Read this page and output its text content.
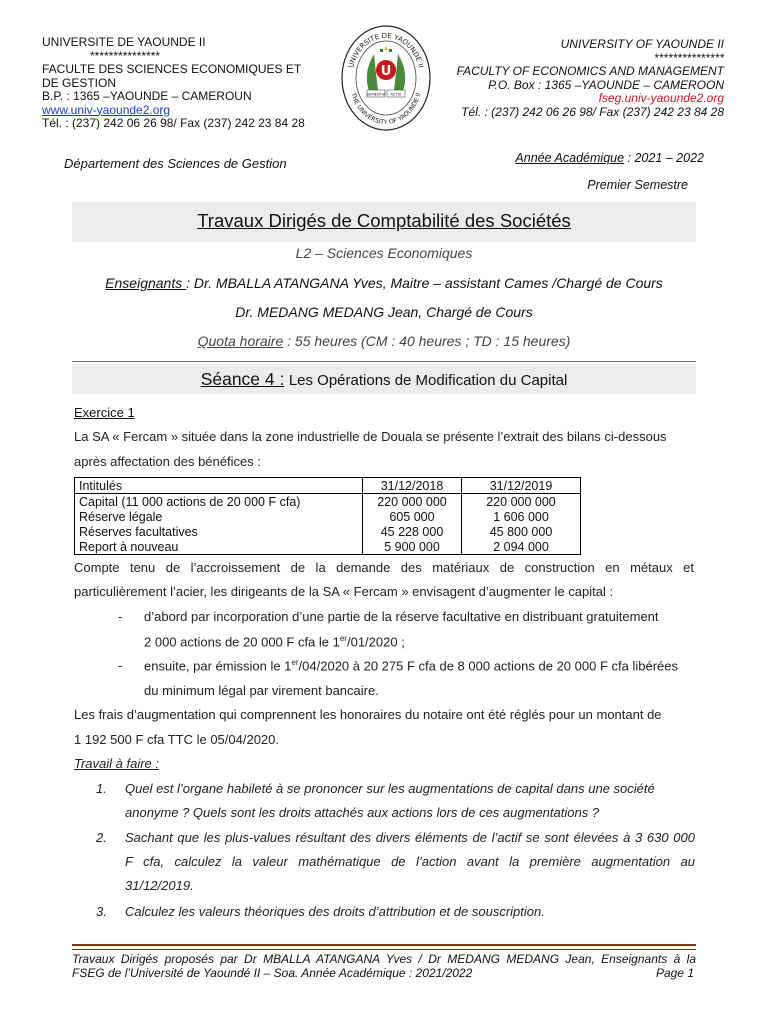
UNIVERSITE DE YAOUNDE II
***************
FACULTE DES SCIENCES ECONOMIQUES ET
DE GESTION
B.P. : 1365 –YAOUNDE – CAMEROUN
www.univ-yaounde2.org
Tél. : (237) 242 06 26 98/ Fax (237) 242 23 84 28
UNIVERSITE DE YAOUNDE II
THE UNIVERSITY OF YAOUNDE II
U
SAPIENTIA ACTIO
UNIVERSITY OF YAOUNDE II
***************
FACULTY OF ECONOMICS AND MANAGEMENT
P.O. Box : 1365 –YAOUNDE – CAMEROON
fseg.univ-yaounde2.org
Tél. : (237) 242 06 26 98/ Fax (237) 242 23 84 28
Département des Sciences de Gestion	Année Académique : 2021 – 2022
Premier Semestre
Travaux Dirigés de Comptabilité des Sociétés
L2 – Sciences Economiques
Enseignants : Dr. MBALLA ATANGANA Yves, Maitre – assistant Cames /Chargé de Cours
Dr. MEDANG MEDANG Jean, Chargé de Cours
Quota horaire : 55 heures (CM : 40 heures ; TD : 15 heures)
Séance 4 : Les Opérations de Modification du Capital
Exercice 1
La SA « Fercam » située dans la zone industrielle de Douala se présente l’extrait des bilans ci-dessous
après affectation des bénéfices :
Intitulés	31/12/2018	31/12/2019
Capital (11 000 actions de 20 000 F cfa)	220 000 000	220 000 000
Réserve légale	605 000	1 606 000
Réserves facultatives	45 228 000	45 800 000
Report à nouveau	5 900 000	2 094 000
Compte tenu de l’accroissement de la demande des matériaux de construction en métaux et
particulièrement l’acier, les dirigeants de la SA « Fercam » envisagent d’augmenter le capital :
- d’abord par incorporation d’une partie de la réserve facultative en distribuant gratuitement
2 000 actions de 20 000 F cfa le 1er/01/2020 ;
- ensuite, par émission le 1er/04/2020 à 20 275 F cfa de 8 000 actions de 20 000 F cfa libérées
du minimum légal par virement bancaire.
Les frais d’augmentation qui comprennent les honoraires du notaire ont été réglés pour un montant de
1 192 500 F cfa TTC le 05/04/2020.
Travail à faire :
1. Quel est l’organe habileté à se prononcer sur les augmentations de capital dans une société
anonyme ? Quels sont les droits attachés aux actions lors de ces augmentations ?
2. Sachant que les plus-values résultant des divers éléments de l’actif se sont élevées à 3 630 000
F cfa, calculez la valeur mathématique de l’action avant la première augmentation au
31/12/2019.
3. Calculez les valeurs théoriques des droits d’attribution et de souscription.
Travaux Dirigés proposés par Dr MBALLA ATANGANA Yves / Dr MEDANG MEDANG Jean, Enseignants à la
FSEG de l’Université de Yaoundé II – Soa. Année Académique : 2021/2022	Page 1
